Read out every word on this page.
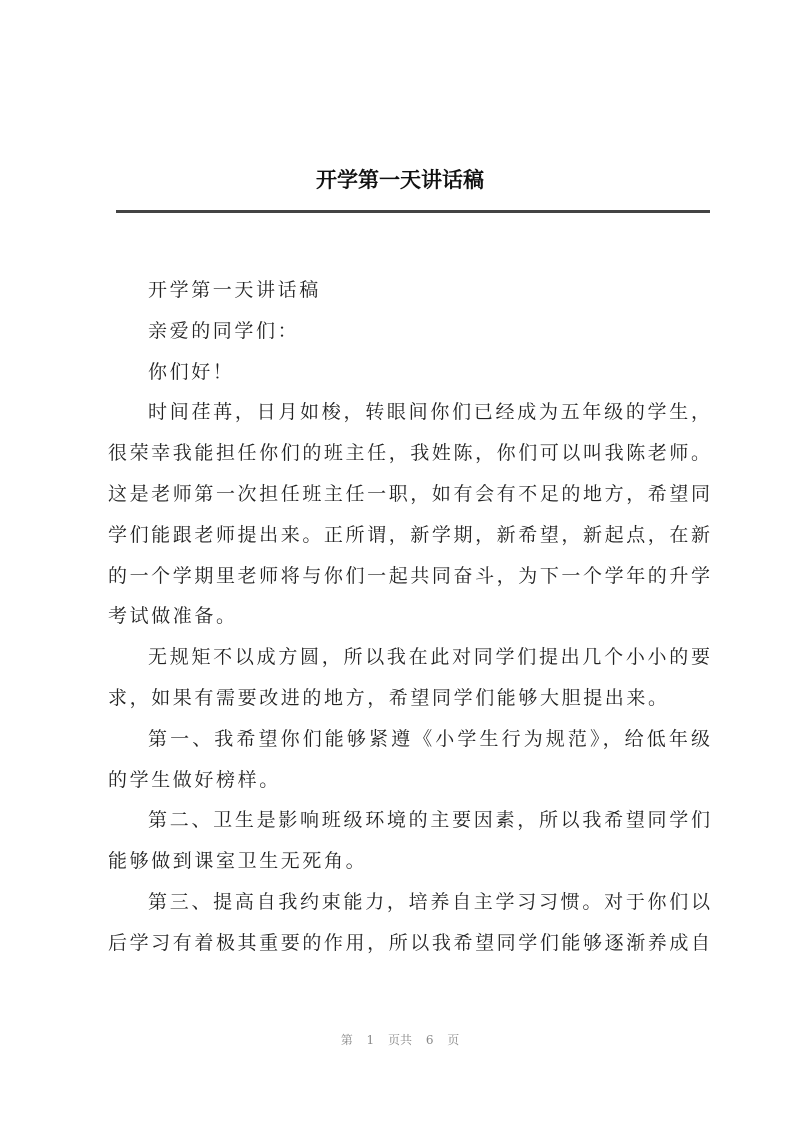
开学第一天讲话稿
开学第一天讲话稿
亲爱的同学们：
你们好！
时间荏苒，日月如梭，转眼间你们已经成为五年级的学生，
很荣幸我能担任你们的班主任，我姓陈，你们可以叫我陈老师。
这是老师第一次担任班主任一职，如有会有不足的地方，希望同
学们能跟老师提出来。正所谓，新学期，新希望，新起点，在新
的一个学期里老师将与你们一起共同奋斗，为下一个学年的升学
考试做准备。
无规矩不以成方圆，所以我在此对同学们提出几个小小的要
求，如果有需要改进的地方，希望同学们能够大胆提出来。
第一、我希望你们能够紧遵《小学生行为规范》，给低年级
的学生做好榜样。
第二、卫生是影响班级环境的主要因素，所以我希望同学们
能够做到课室卫生无死角。
第三、提高自我约束能力，培养自主学习习惯。对于你们以
后学习有着极其重要的作用，所以我希望同学们能够逐渐养成自
第 1 页共 6 页
